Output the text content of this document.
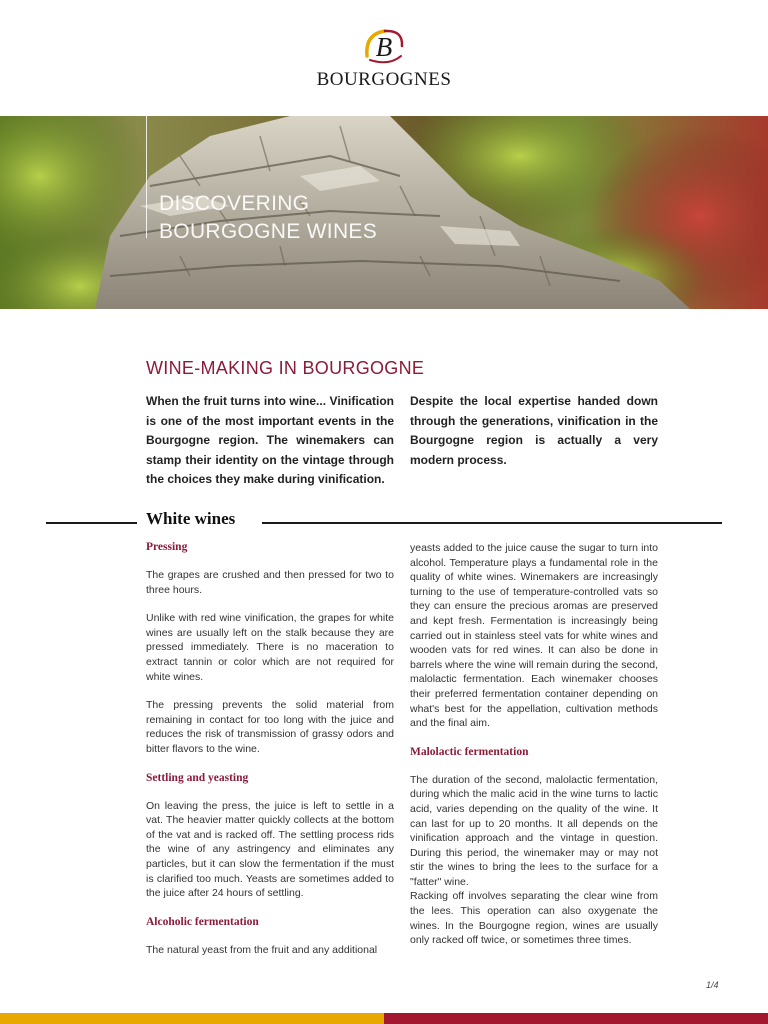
B
BOURGOGNES
DISCOVERING
BOURGOGNE WINES
WINE-MAKING IN BOURGOGNE

When the fruit turns into wine... Vinification is one of the most important events in the Bourgogne region. The winemakers can stamp their identity on the vintage through the choices they make during vinification.

Despite the local expertise handed down through the generations, vinification in the Bourgogne region is actually a very modern process.

White wines
Pressing

The grapes are crushed and then pressed for two to three hours.

Unlike with red wine vinification, the grapes for white wines are usually left on the stalk because they are pressed immediately. There is no maceration to extract tannin or color which are not required for white wines.

The pressing prevents the solid material from remaining in contact for too long with the juice and reduces the risk of transmission of grassy odors and bitter flavors to the wine.

Settling and yeasting

On leaving the press, the juice is left to settle in a vat. The heavier matter quickly collects at the bottom of the vat and is racked off. The settling process rids the wine of any astringency and eliminates any particles, but it can slow the fermentation if the must is clarified too much. Yeasts are sometimes added to the juice after 24 hours of settling.

Alcoholic fermentation

The natural yeast from the fruit and any additional

yeasts added to the juice cause the sugar to turn into alcohol. Temperature plays a fundamental role in the quality of white wines. Winemakers are increasingly turning to the use of temperature-controlled vats so they can ensure the precious aromas are preserved and kept fresh. Fermentation is increasingly being carried out in stainless steel vats for white wines and wooden vats for red wines. It can also be done in barrels where the wine will remain during the second, malolactic fermentation. Each winemaker chooses their preferred fermentation container depending on what's best for the appellation, cultivation methods and the final aim.

Malolactic fermentation

The duration of the second, malolactic fermentation, during which the malic acid in the wine turns to lactic acid, varies depending on the quality of the wine. It can last for up to 20 months. It all depends on the vinification approach and the vintage in question. During this period, the winemaker may or may not stir the wines to bring the lees to the surface for a "fatter" wine.

Racking off involves separating the clear wine from the lees. This operation can also oxygenate the wines. In the Bourgogne region, wines are usually only racked off twice, or sometimes three times.

1/4
